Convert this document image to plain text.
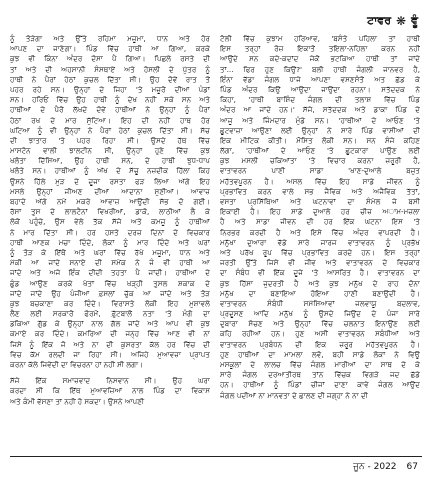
ਟਾਵਰ ❋ ਵੂੰ
ਨੂੰ ਤੋੜੇਗਾ ਅਤੇ ਉੱਤੇ ਰਹਿਮਾ ਮਜ਼ੂਮਾ, ਧਾਨ ਅਤੇ ਹੋਰ
ਆਪਣ ਦਾ ਜਾਣੇਗਾ। ਪਿੰਡ ਵਿੱਚ ਹਾਥੀ ਆ ਗਿਆ, ਕਰਕੇ
ਕੁਝ ਵੀ ਕਿੰਨਾ ਅੰਦਰ ਦੋਸਾ ਪੈ ਗਿਆ। ਪਿਛਲੇ ਰਸਤੇ ਦੀ
ਤਾਂ ਅਤੇ ਦੀ ਅਹਸਾਨੀ ਸੰਸਥਾਏਂ ਅਤੇ ਹੋਸਲੀ ਦੇ ਪੁੱਤਰ ਨੂੰ
ਹਾਥੀ ਨੇ ਪੈਰਾਂ ਹੇਠਾਂ ਕੁਚਲ ਦਿੱਤਾ ਸੀ। ਉਹ ਦੋਵੇਂ ਰਾਤ ਤੋਂ
ਪਹਰ ਰਹੇ ਸਨ। ਉਨ੍ਹਾਂ ਦੇ ਜਿਹਾ 'ਤੇ ਮਜ਼ੂਰੋਂ ਦੀਆਂ ਪੰਡਾਂ
ਸਨ। ਹਰਿਓਂ ਵਿੱਚ ਉਹ ਹਾਥੀ ਨੂੰ ਦੇਖ ਨਹੀਂ ਸਕੇ ਸਨ ਅਤੇ
ਹਾਥੀਆਂ ਦੇ ਪੈਰੋਂ ਲੱਖਦੇ ਦੋਵੇਂ ਹਾਥੀਆਂ ਨੇ ਉਨ੍ਹਾਂ ਨੂੰ ਪੈਰਾਂ
ਹੇਠਾਂ ਰਖ ਦੇ ਮਾਰ ਸੁੱਟਿਆ। ਇਹ ਦੀ ਨਹੀਂ ਹਾਥ ਹੋਰ
ਘਟਿਆ ਨੂੰ ਵੀ ਉਨ੍ਹਾਂ ਨੇ ਪੈਰਾਂ ਹੇਠਾਂ ਕੁਚਲ ਦਿੱਤਾ ਸੀ। ਸੱਚ
ਦੀ ਝਾਤਾਰ 'ਤੇ ਪਹਰ ਰਿਹਾ ਸੀ। ਉਸਦੇ ਹੱਥ ਵਿੱਚ
ਮਾਸਟੋਨ ਵਾਲੀ ਝਾਲਟੀਨ ਸੀ, ਉਨ੍ਹਾਂ ਹੁਣੇ ਵਿੱਚ ਕੁਝ
ਖਲੋਤਾ ਦਿੱਸਿਆ, ਉਹ ਹਾਥੀ ਸਨ, ਦੇ ਹਾਥੀ ਝੁਧ-ਧਾਪ
ਖਲੋਤੇ ਸਨ। ਹਾਥੀਆਂ ਨੂੰ ਅੱਖ ਦੇ ਸੱਚੂ ਨਜ਼ਦੀਕ ਹਿੱਲਾ ਕਿਹ
ਉਸਨੇ ਹਿੱਲੇ ਮੁੜ ਦੇ ਦੂਜਾ ਰਸਤਾ ਫੜ ਲਿਆ ਅੱਗੇ ਇਹ
ਮਸਲੇ ਉਨ੍ਹਾਂ ਜੀਅਣ ਦੀਆਂ ਆਦਾਨਾ ਸੁਣੀਆਂ। ਆਵਾਜ਼
ਬਹਾਦੇ ਅੱਗੇ ਨਮੇਂ ਮਕਰੇ ਆਵਾਜ਼ ਆਉਂਦੀ ਸੱਭ ਦੋ ਗਈ।
ਰੱਸਾਂ ਤੁਸ ਦੇ ਲਾਲਟੈਨਾਂ ਵਿਖਰੀਆਂ, ਡਾਕੋ, ਲਾਠੀਆਂ ਲੈ ਕੇ
ਲੋਕੋਂ ਪਹੁੰਚੇ, ਉਸ ਵੇਲੇ ਤੱਕ ਸੱਜੇ ਅਤੇ ਕਮਜ਼ੂ ਨੂੰ ਹਾਥੀਆਂ
ਨੇ ਮਾਰ ਦਿੱਤਾ ਸੀ। ਹਰ ਹਸਤੇ ਦਰਜ਼ ਦਿਨਾਂ ਦੇ ਵਿਚਕਾਰ
ਹਾਥੀ ਆਣਕ ਮਚਾ ਦਿੰਦੇ, ਲੋਕਾਂ ਨੂੰ ਮਾਰ ਦਿੰਦੇ ਅਤੇ ਘਰਾਂ
ਨੂੰ ਤੋੜ ਕੇ ਇੱਥੋਂ ਅਤੇ ਘਰਾਂ ਵਿੱਚ ਰੱਖੇ ਮਜ਼ੂਮਾ, ਧਾਨ ਅਤੇ
ਮੱਕੀ ਆ ਜਾਂਦੇ ਸਨਾਏ ਦੀ ਸਮੇਂਕ ਨੇ ਜੰ ਵੀ ਹਾਥੀ ਆ
ਜਾਂਦੇ ਅਤੇ ਅਜੇ ਇੰਕ ਦੀਦੀ ਤਹਤਾ ਪੈ ਜਾਂਦੀ। ਹਾਥੀਆਂ ਦੇ
ਛੁੰਡ ਆਉਣ ਕਰਕੇ ਖੇਤਾਂ ਵਿੱਚ ਖੜ੍ਹੀ ਤੁਸਲ ਸ਼ਕਾਕ ਦੇ
ਜਾਂਦੇ ਜਾਂਦੇ ਉਹ ਪੰਜੀਆਂ ਫ਼ਸਲਾਂ ਚੁੱਕ ਆ ਜਾਂਦੇ ਅਤੇ ਤੋੜ
ਕੁਝ ਬਚਕਾਣਾ ਕਰ ਦਿੰਦੇ। ਵਿਰਾਸਤੇ ਲੋਕੀ ਇਹ ਮੁਸ਼ਾਵਲੇ
ਲੈਣ ਲਈ ਸਰਕਾਰੋਂ ਫੋਰਮੋਂ, ਫ਼ੁੱਟਬਾਲੋਂ ਨਤਾ 'ਤੇ ਮੰਗੋ ਦਾ
ਡਕਿਆ ਗੁੱਡ ਕੇ ਉਨ੍ਹਾਂ ਨਾਲ ਗੱਲ ਜਾਂਦੇ ਅਤੇ ਆਪ ਵੀ ਕੁਝ
ਕਮਾਏ ਕਰ ਦਿੰਦੇ। ਕਮਰਿਆ ਦੀ ਜਨ੍ਹ ਵਿੱਚ ਆਣ ਵੀ ਨਾ
ਜਿਸੇ ਨੂੰ ਇੱਕ ਜੋ ਅਤੇ ਨਾ ਦੀ ਕੁਸਰਤਾ ਕੱਲ ਹਰ ਵਿੱਚ ਦੀ
ਵਿਚ ਕੱਮ ਰਲਦੀ ਜਾ ਰਿਹਾ ਸੀ। ਅਜਿਹੇ ਮੁਆਵਜ਼ਾ ਪ੍ਰਾਪਤ
ਕਰਨਾ ਕੱਲੇ ਜਿਵੇਂਦੀ ਦਾ ਵਿਚਰਨਾ ਹਾਂ ਨਹੀਂ ਸੀ ਲਗਾ।
ਸੱਜੇ ਇੱਕ ਸਮਾਜ਼ਵਾਦ ਨਿਸਵਾਨ ਸੀ। ਉਹ ਘਰਾ
ਕਰਦਾ ਸੀ ਕਿ ਇੱਥ ਮੁਆਵਜ਼ਿਆਂ ਨਾਲ ਪਿੰਡ ਦਾ ਵਿਕਾਸ
ਅਤੇ ਕੰਮੀ ਵੱਸਣਾ ਤਾਂ ਨਹੀਂ ਹੋ ਸਕਦਾ। ਉਸਨੇ ਆਪਣੀ
ਟੋਲੀ ਵਿੱਚ ਕੁਝਾਮ ਹਰਿਆਵ, 'ਬਸੰਤੇ ਪਹਿਲਾ ਤਾਂ ਹਾਥੀ
ਇਸ ਤਰ੍ਹਾਂ ਰੋਜ਼ ਇਕਾਤੋਂ ਤਇਲਾ-ਨਹਿਲਾ ਕਰਨ ਨਹੀਂ
ਆਉਂਦੇ ਸਨ ਕਦੇ-ਕਦਾਂਦ ਜੇਕੋਂ ਭਟਕਿਆ ਹਾਥੀ ਤਾਂ ਜਾਂਦੇ
ਤਾਂ... ਫਿਰ ਹੁਣ ਕਿਉਂ?' ਬਲੀ ਹਾਥੀ ਜੰਗਲੀ ਜਾਨਵਰ ਹੈ,
ਇੰਨਾ ਵੱਡਾ ਜੰਗਲ ਧਾਜੇ ਆਪਣਾ ਵਸਣਸੰਤੋਂ ਅਤ ਛੱਡ ਕੇ
ਪਿੰਡ ਅੰਦਰ ਕਿਉਂ ਆਉਂਦਾ ਜਾਉਂਦਾ ਰਹਨਾ। ਸਤੱਦਦਕ ਨੇ
ਕਿਹਾ, 'ਹਾਥੀ ਬਾਸ਼ਿੰਦ ਜੰਗਲ ਦੀ ਤਲਾਸ਼ ਵਿੱਚ ਪਿੰਡ
ਅੰਦਰ ਆ ਜਾਂਦੇ ਹਨ।' ਸੱਜੇ, ਸਤੱਦਦਕ ਅਤੇ ਡਾਕਾ ਪਿੰਡ ਦੇ
ਆਜੂ ਅਤੇ ਜਿੰਮਦਾਰ ਮੁੰਡੇ ਸਨ। 'ਹਾਥੀਆਂ ਦੇ ਆਓਣ 'ਤੇ
ਛੂਟਵਾਜ਼ਾ ਆਉਣਾ ਲਈ ਉਨ੍ਹਾਂ ਨੇ ਸਾਰੇ ਪਿੰਡ ਵਾਸੀਆਂ ਦੀ
ਇਕ ਮੀਟਿਕ ਕੀਤੀ। ਮੌਸਿਤ ਲੋਕੀ ਸਨ। ਸਨ ਸੰਜੇ ਕਹਿਣ
ਲੱਗਾ, 'ਹਾਥੀਆਂ ਦੇ ਆਓਣ 'ਤੇ ਛੂਟਕਾਰਾ ਪਾਉਣ ਲਈ
ਕੁਝ ਮਸਲੀ ਚਕਿਆਂਤਾ 'ਤੇ ਵਿਚਾਰ ਕਰਨਾ ਜ਼ਰੂਰੀ ਹੈ,
ਵਾਤਾਵਰਨ ਪਾਣੀ ਸਾਡਾ 'ਖਾਣ-ਦੁਆਲੇ ਬਜ਼ੁਤ
ਮਹੱਤਵਪੂਰਨ ਹੈ। ਅਸਲ ਵਿੱਚ ਇਹ ਸਾਡੇ ਜੀਵਨ ਨੂੰ
ਪ੍ਰਭਾਵਿਤ ਕਰਨ ਵਾਲੇ ਸਭ ਜੈਵਿਕ ਅਤੇ ਅਜੈਵਿਕ ਤੱਤਾਂ,
ਵਸਤਾ ਪ੍ਰਸਿੱਥਿਆਂ ਅਤੇ ਘਟਨਾਵਾਂ ਦਾ ਸੰਮੇਲ ਜੇ ਬਸੀ
ਇਕਾਈ ਹੈ। ਇਹ ਸਾਡੇ ਦੁਆਲੇ ਹਰ ਚੀਜ਼ ਅਾਮ-ਮਜ਼ਲਾ
ਹੈ ਅਤੇ ਸਾਡਾ ਜੀਵਨ ਦੀ ਹਰ ਇੱਕ ਘਟਨਾ ਇਸ 'ਤੇ
ਨਿਰਭਰ ਕਰਦੀ ਹੈ ਅਤੇ ਇਸੇ ਵਿੱਚ ਅੰਦਰ ਵਾਪਰਦੀ ਹੈ।
ਮਨੁੱਖਾ ਦੁਆਰਾ ਵੱਡੇ ਸਾਰੇ ਜਾਰਜ ਵਾਤਾਵਰਨ ਨੂੰ ਪ੍ਰਭੱਖ
ਅਤੇ ਪਰੱਖ ਰੂਪ ਵਿੱਚ ਪ੍ਰਭਾਵਿਤ ਕਰਦੇ ਹਨ। ਇਸ ਤਰ੍ਹਾਂ
ਜਰਤੀ ਉੱਤੇ ਜਿਸੇ ਵੀ ਜੀਵ ਅਤੇ ਵਾਤਾਵਰਨ ਦੇ ਵਿਚਕਾਰ
ਦਾ ਸੰਬੰਧ ਵੀ ਇੱਕ ਦੂਜੇ 'ਤੇ ਆਸਰਿਤ ਹੈ। ਵਾਤਾਵਰਨ ਦਾ
ਕੁਝ ਹਿੱਸਾ ਜੁਦਰਤੀ ਹੈ ਅਤੇ ਕੁਝ ਮਨੁੱਖ ਦੇ ਰਾਹ ਦੋਨਾ
ਮਨੁੱਖ ਦਾ ਬਣਾਇਆ ਹੋਇਆ ਹਾਣੀ ਬਣਾਉਂਦੀ ਹੈ।
ਵਾਤਾਵਰਨ ਸੰਬੰਧੀ ਸਮੱਸਿਆਵਾਂ ਜਲਵਾਯੂ ਬਦਲਾਵ,
ਪ੍ਰਦੂਸਣ ਆਦਿ ਮਨੁੱਖ ਨੂੰ ਉਸਦੇ ਜਿਉਂਦ ਦੇ ਪੰਜਾ ਸਾਰੇ
ਦੁਬਾਰਾ ਸੋਚਣ ਅਤੇ ਉਨ੍ਹਾਂ ਵਿੱਚ ਚਲਨਾਤ ਇਨਾਉਂਣ ਲਈ
ਕਹਿ ਰਹੀਆਂ ਹਨ। ਹੁਣ ਅਸੀਂ ਵਾਤਾਵਰਨ ਸਬੰਧੀਆਂ ਅਤੇ
ਵਾਤਾਵਰਨ ਪ੍ਰਬੰਧਨ ਦੀ ਇਕ ਜ਼ਰੂਰ ਮਹੱਤਵਪੂਰਨ ਹੈ।
ਹੁਣ ਹਾਥੀਆਂ ਦਾ ਮਾਮਲਾ ਲਵੋ, ਬਹੀ ਸਾਡੇ ਲੋਕਾਂ ਨੇ ਵਿਊ
ਮਸਕੂਲਾਂ ਦੇ ਲਾਲਚ ਵਿੱਚ ਜੰਗਲ ਮਾਰੀਆਂ ਦਾ ਸਾਥ ਦੇ ਕੇ
ਸਾਰੇ ਜੰਗਲ ਦਰਆਤੀਰਥ ਤਾਂਨ ਵਿੱਚਕ ਵਿਗੜੇ ਜਦ ਛੱਡੇ
ਹਨ। ਹਾਥੀਆਂ ਨੂੰ ਪਿੰਡਾਂ ਚੀਜਾਂ ਦਾਣਾ ਕਾਵੇ ਜੰਗਲ ਆਉਂਦ
ਜੰਗਲ ਪਦੀਆਂ ਨਾ ਮਾਨਵਤਾ ਦੇ ਛਾਲਣ ਦੀ ਜਗ੍ਹਾ ਨੇ ਨਾ ਦੀ
ਜੂਨ - 2022 67
